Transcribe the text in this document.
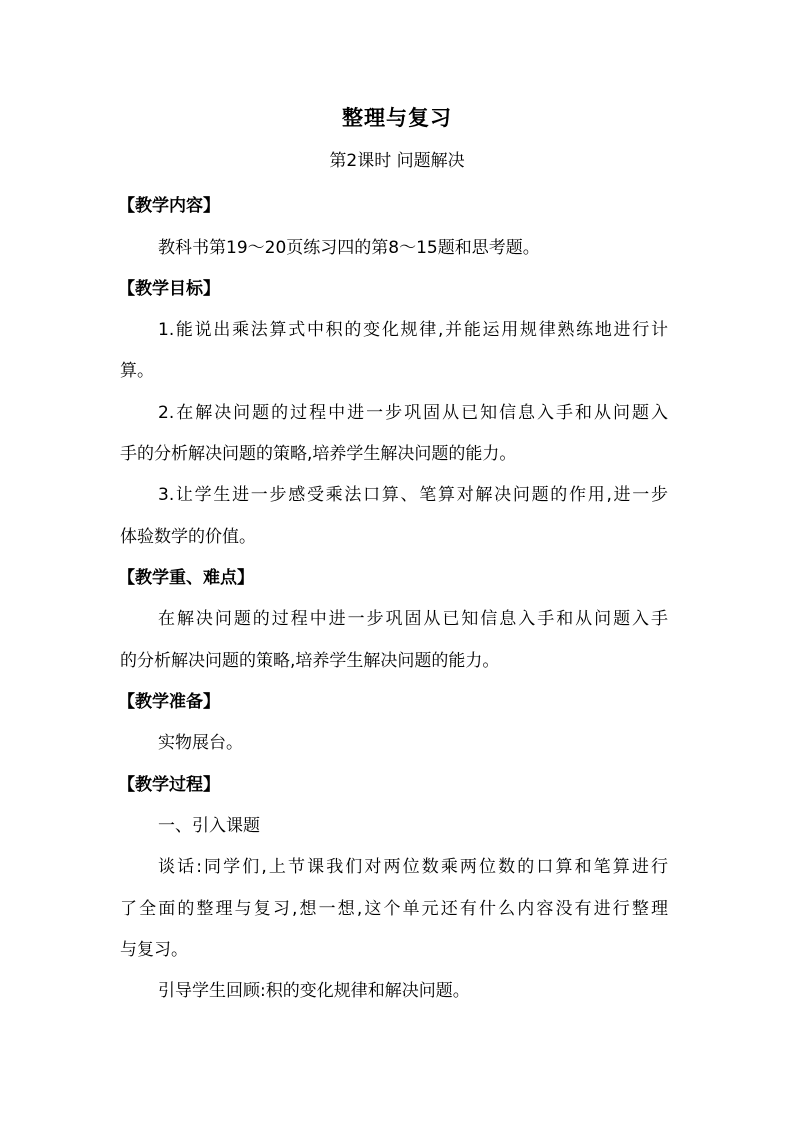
整理与复习
第2课时 问题解决
【教学内容】
教科书第19～20页练习四的第8～15题和思考题。
【教学目标】
1.能说出乘法算式中积的变化规律,并能运用规律熟练地进行计
算。
2.在解决问题的过程中进一步巩固从已知信息入手和从问题入
手的分析解决问题的策略,培养学生解决问题的能力。
3.让学生进一步感受乘法口算、笔算对解决问题的作用,进一步
体验数学的价值。
【教学重、难点】
在解决问题的过程中进一步巩固从已知信息入手和从问题入手
的分析解决问题的策略,培养学生解决问题的能力。
【教学准备】
实物展台。
【教学过程】
一、引入课题
谈话:同学们,上节课我们对两位数乘两位数的口算和笔算进行
了全面的整理与复习,想一想,这个单元还有什么内容没有进行整理
与复习。
引导学生回顾:积的变化规律和解决问题。
